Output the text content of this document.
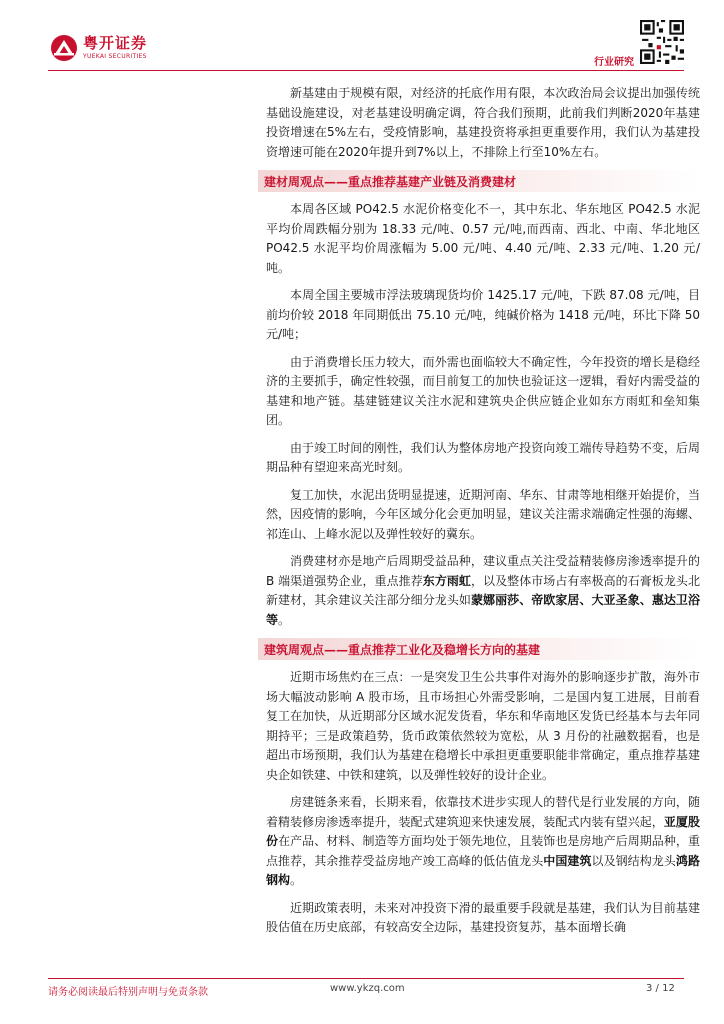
粤开证券
YUEKAI SECURITIES
行业研究

新基建由于规模有限，对经济的托底作用有限，本次政治局会议提出加强传统基础设施建设，对老基建设明确定调，符合我们预期，此前我们判断2020年基建投资增速在5%左右，受疫情影响，基建投资将承担更重要作用，我们认为基建投资增速可能在2020年提升到7%以上，不排除上行至10%左右。

建材周观点——重点推荐基建产业链及消费建材

本周各区域 PO42.5 水泥价格变化不一，其中东北、华东地区 PO42.5 水泥平均价周跌幅分别为 18.33 元/吨、0.57 元/吨,而西南、西北、中南、华北地区 PO42.5 水泥平均价周涨幅为 5.00 元/吨、4.40 元/吨、2.33 元/吨、1.20 元/吨。

本周全国主要城市浮法玻璃现货均价 1425.17 元/吨，下跌 87.08 元/吨，目前均价较 2018 年同期低出 75.10 元/吨，纯碱价格为 1418 元/吨，环比下降 50 元/吨；

由于消费增长压力较大，而外需也面临较大不确定性，今年投资的增长是稳经济的主要抓手，确定性较强，而目前复工的加快也验证这一逻辑，看好内需受益的基建和地产链。基建链建议关注水泥和建筑央企供应链企业如东方雨虹和垒知集团。

由于竣工时间的刚性，我们认为整体房地产投资向竣工端传导趋势不变，后周期品种有望迎来高光时刻。

复工加快，水泥出货明显提速，近期河南、华东、甘肃等地相继开始提价，当然，因疫情的影响，今年区域分化会更加明显，建议关注需求端确定性强的海螺、祁连山、上峰水泥以及弹性较好的冀东。

消费建材亦是地产后周期受益品种，建议重点关注受益精装修房渗透率提升的 B 端渠道强势企业，重点推荐东方雨虹，以及整体市场占有率极高的石膏板龙头北新建材，其余建议关注部分细分龙头如蒙娜丽莎、帝欧家居、大亚圣象、惠达卫浴等。

建筑周观点——重点推荐工业化及稳增长方向的基建

近期市场焦灼在三点：一是突发卫生公共事件对海外的影响逐步扩散，海外市场大幅波动影响 A 股市场，且市场担心外需受影响，二是国内复工进展，目前看复工在加快，从近期部分区域水泥发货看，华东和华南地区发货已经基本与去年同期持平；三是政策趋势，货币政策依然较为宽松，从 3 月份的社融数据看，也是超出市场预期，我们认为基建在稳增长中承担更重要职能非常确定，重点推荐基建央企如铁建、中铁和建筑，以及弹性较好的设计企业。

房建链条来看，长期来看，依靠技术进步实现人的替代是行业发展的方向，随着精装修房渗透率提升，装配式建筑迎来快速发展，装配式内装有望兴起，亚厦股份在产品、材料、制造等方面均处于领先地位，且装饰也是房地产后周期品种，重点推荐，其余推荐受益房地产竣工高峰的低估值龙头中国建筑以及钢结构龙头鸿路钢构。

近期政策表明，未来对冲投资下滑的最重要手段就是基建，我们认为目前基建股估值在历史底部，有较高安全边际，基建投资复苏，基本面增长确

请务必阅读最后特别声明与免责条款	www.ykzq.com	3 / 12
